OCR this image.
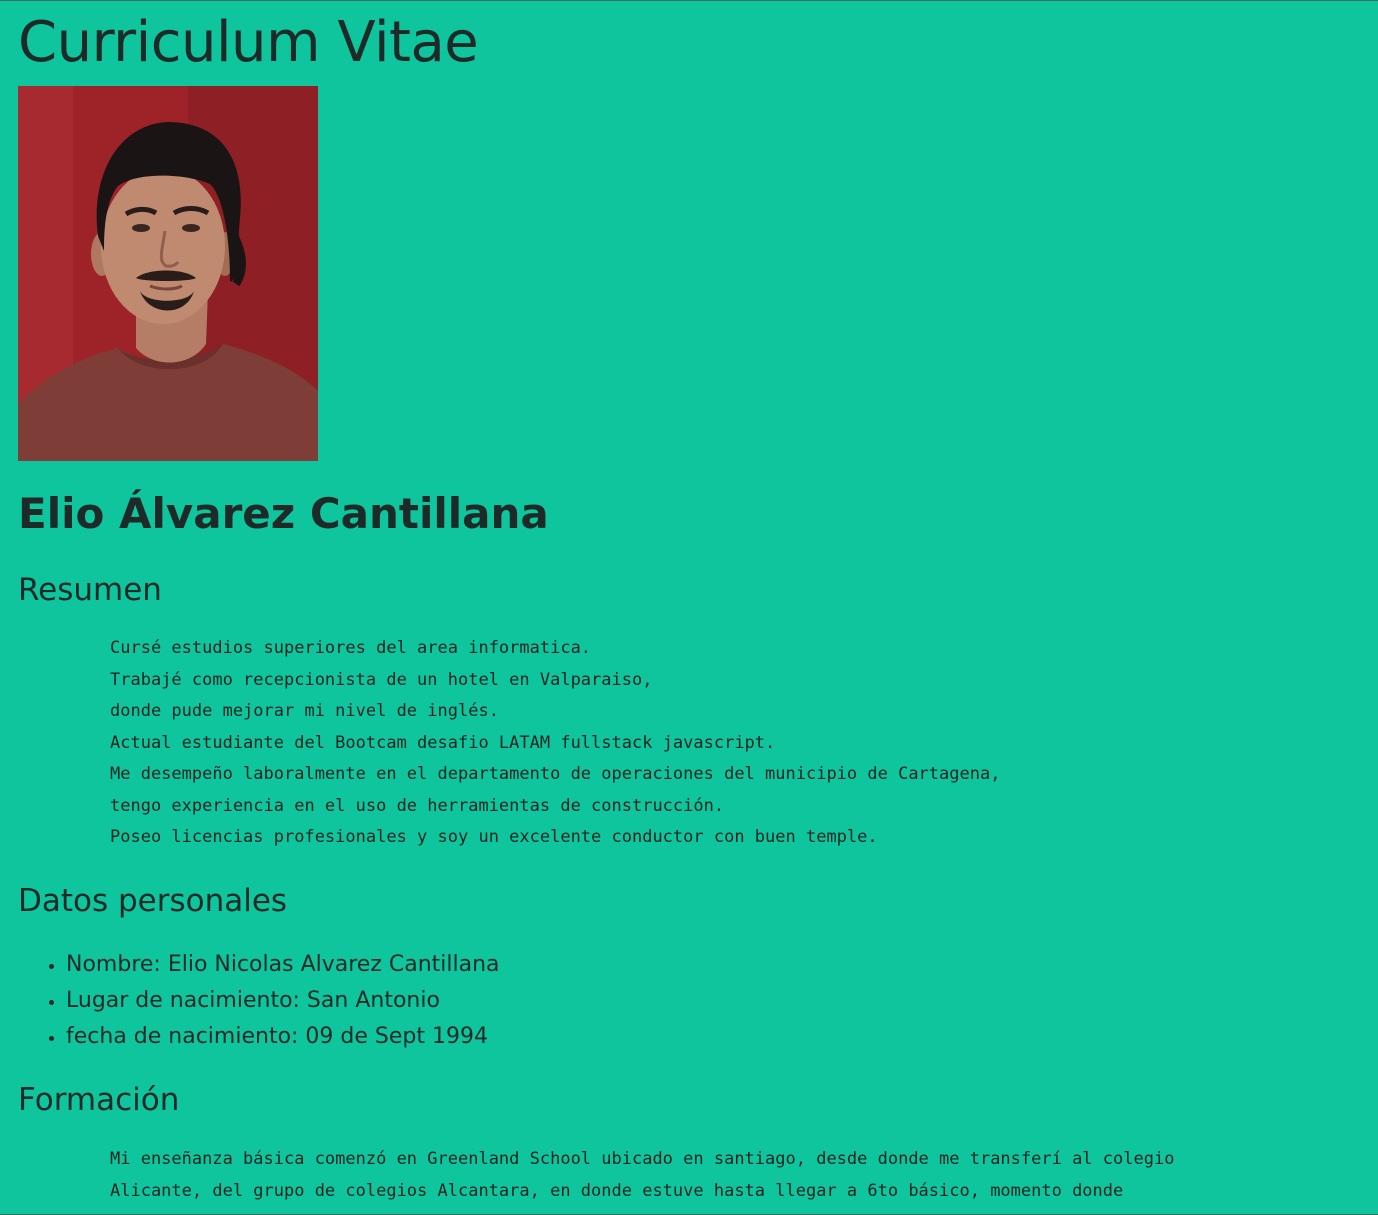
Curriculum Vitae
Elio Álvarez Cantillana
Resumen
Cursé estudios superiores del area informatica.
Trabajé como recepcionista de un hotel en Valparaiso,
donde pude mejorar mi nivel de inglés.
Actual estudiante del Bootcam desafio LATAM fullstack javascript.
Me desempeño laboralmente en el departamento de operaciones del municipio de Cartagena,
tengo experiencia en el uso de herramientas de construcción.
Poseo licencias profesionales y soy un excelente conductor con buen temple.
Datos personales
• Nombre: Elio Nicolas Alvarez Cantillana
• Lugar de nacimiento: San Antonio
• fecha de nacimiento: 09 de Sept 1994
Formación
Mi enseñanza básica comenzó en Greenland School ubicado en santiago, desde donde me transferí al colegio
Alicante, del grupo de colegios Alcantara, en donde estuve hasta llegar a 6to básico, momento donde
